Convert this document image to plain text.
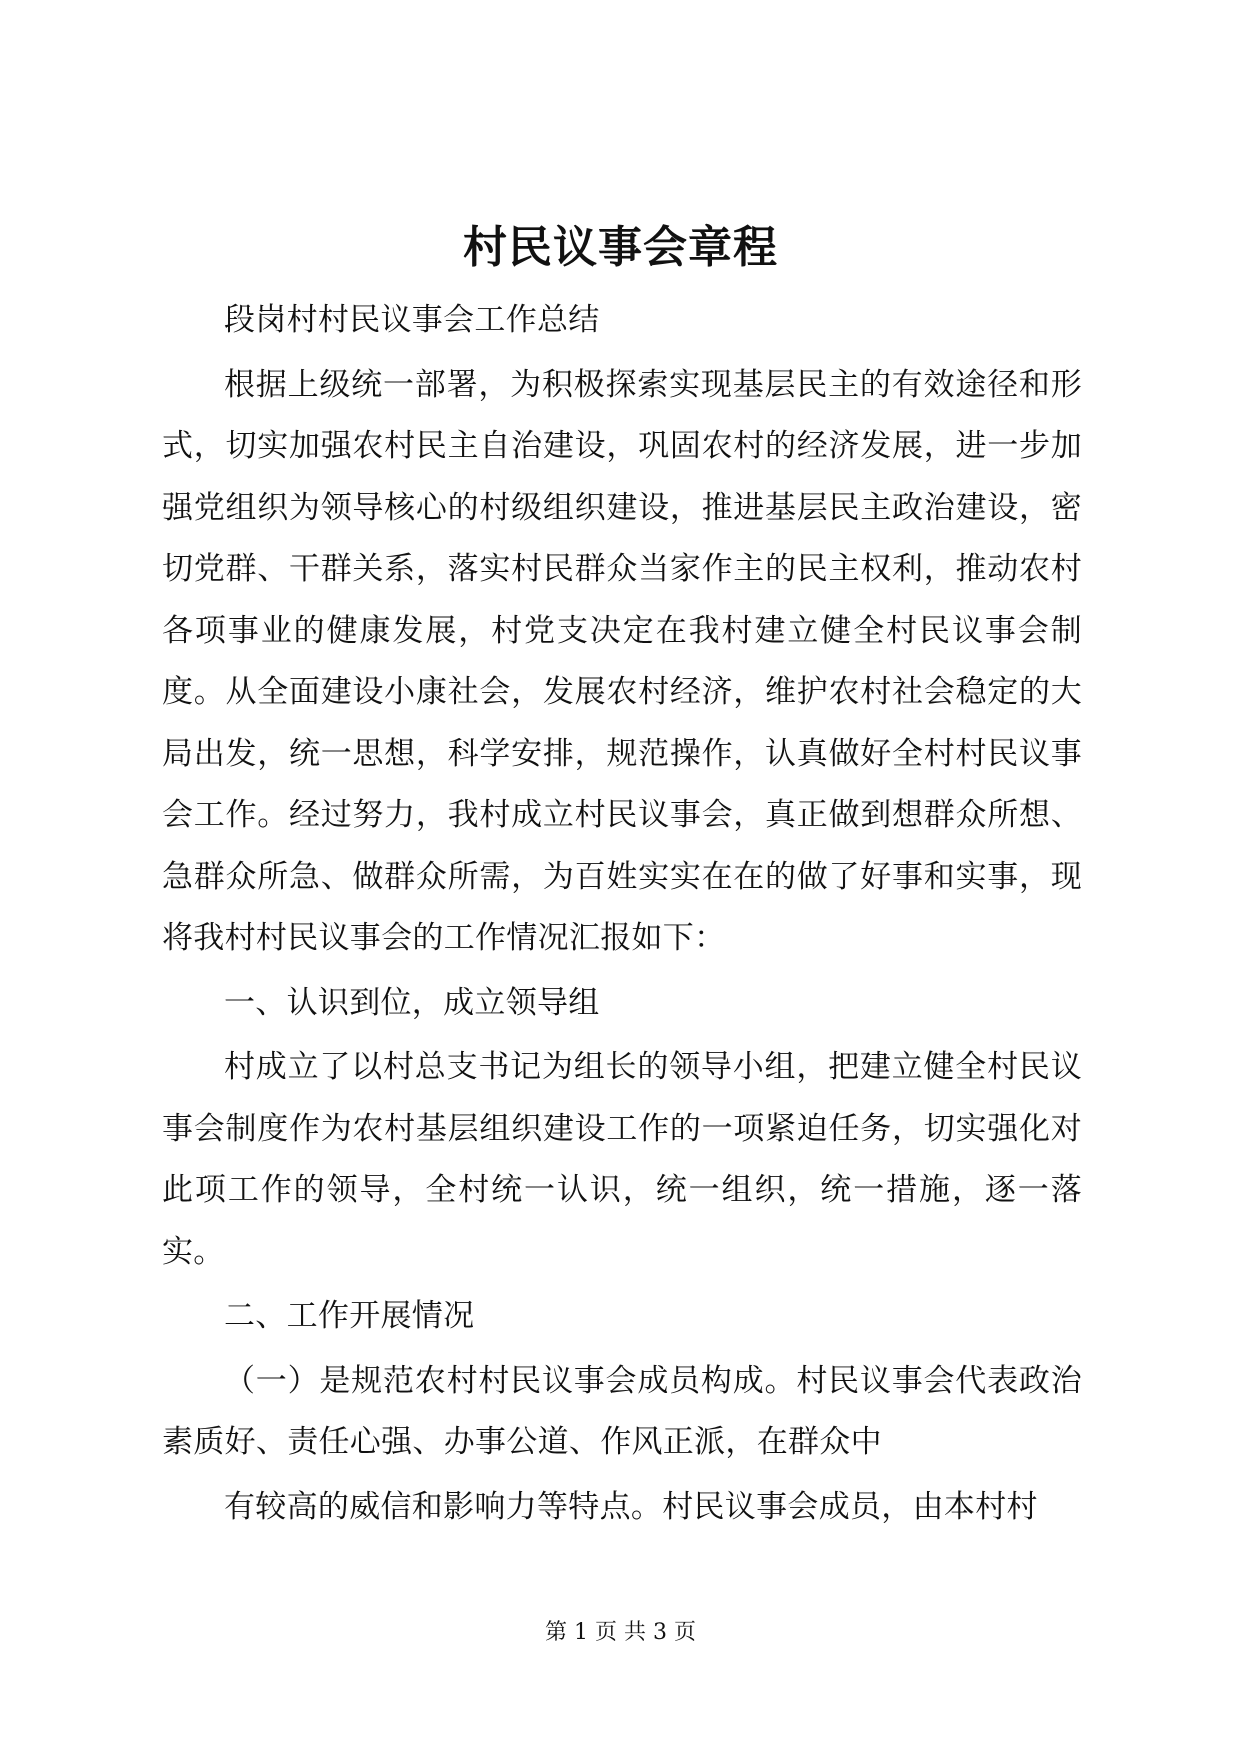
村民议事会章程

段岗村村民议事会工作总结

根据上级统一部署，为积极探索实现基层民主的有效途径和形式，切实加强农村民主自治建设，巩固农村的经济发展，进一步加强党组织为领导核心的村级组织建设，推进基层民主政治建设，密切党群、干群关系，落实村民群众当家作主的民主权利，推动农村各项事业的健康发展，村党支决定在我村建立健全村民议事会制度。从全面建设小康社会，发展农村经济，维护农村社会稳定的大局出发，统一思想，科学安排，规范操作，认真做好全村村民议事会工作。经过努力，我村成立村民议事会，真正做到想群众所想、急群众所急、做群众所需，为百姓实实在在的做了好事和实事，现将我村村民议事会的工作情况汇报如下：

一、认识到位，成立领导组

村成立了以村总支书记为组长的领导小组，把建立健全村民议事会制度作为农村基层组织建设工作的一项紧迫任务，切实强化对此项工作的领导，全村统一认识，统一组织，统一措施，逐一落实。

二、工作开展情况

（一）是规范农村村民议事会成员构成。村民议事会代表政治素质好、责任心强、办事公道、作风正派，在群众中

有较高的威信和影响力等特点。村民议事会成员，由本村村

第 1 页 共 3 页
